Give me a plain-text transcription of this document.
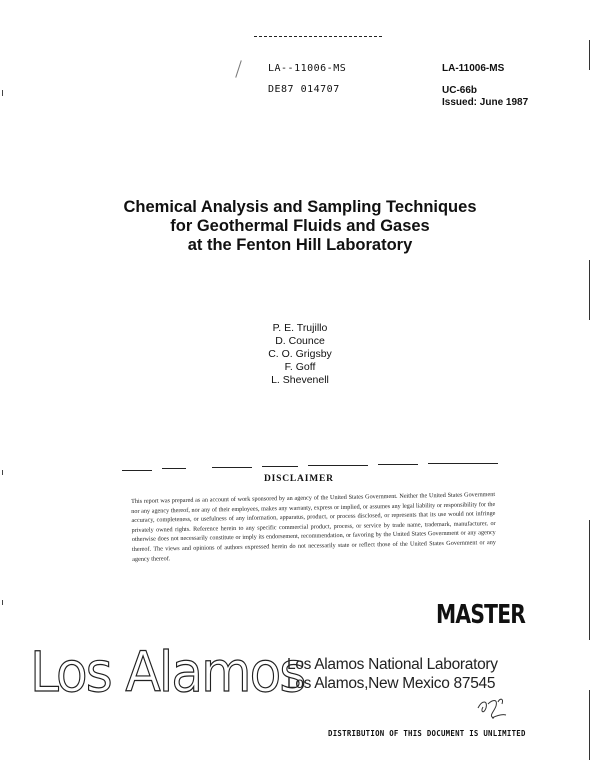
LA--11006-MS
DE87 014707
LA-11006-MS
UC-66b
Issued: June 1987
Chemical Analysis and Sampling Techniques
for Geothermal Fluids and Gases
at the Fenton Hill Laboratory
P. E. Trujillo
D. Counce
C. O. Grigsby
F. Goff
L. Shevenell
DISCLAIMER
This report was prepared as an account of work sponsored by an agency of the United States Government. Neither the United States Government nor any agency thereof, nor any of their employees, makes any warranty, express or implied, or assumes any legal liability or responsibility for the accuracy, completeness, or usefulness of any information, apparatus, product, or process disclosed, or represents that its use would not infringe privately owned rights. Reference herein to any specific commercial product, process, or service by trade name, trademark, manufacturer, or otherwise does not necessarily constitute or imply its endorsement, recommendation, or favoring by the United States Government or any agency thereof. The views and opinions of authors expressed herein do not necessarily state or reflect those of the United States Government or any agency thereof.
MASTER
Los Alamos
Los Alamos National Laboratory
Los Alamos,New Mexico 87545
DISTRIBUTION OF THIS DOCUMENT IS UNLIMITED
